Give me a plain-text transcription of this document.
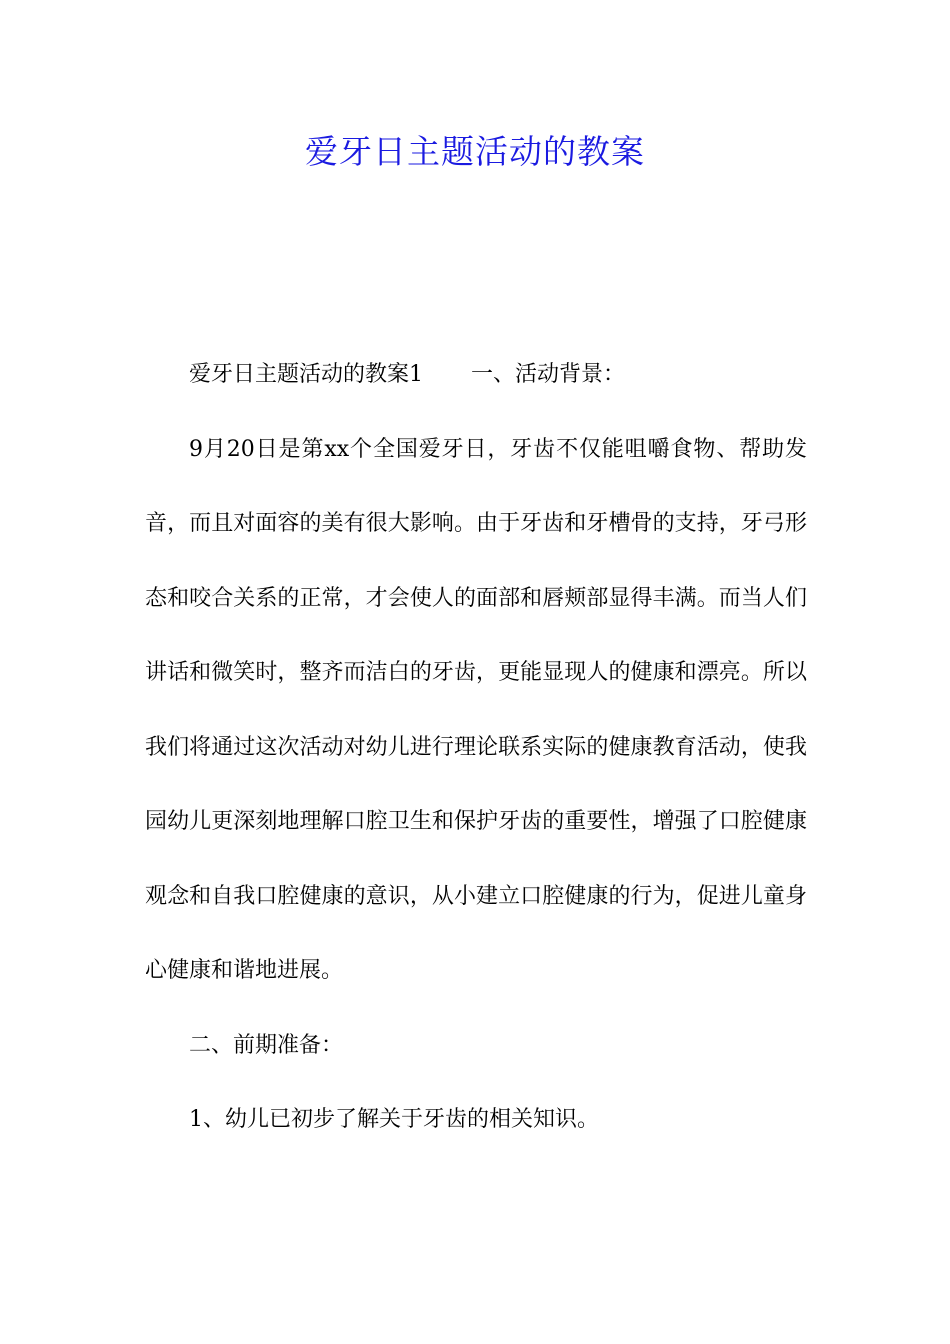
爱牙日主题活动的教案

爱牙日主题活动的教案1 一、活动背景：

9月20日是第xx个全国爱牙日，牙齿不仅能咀嚼食物、帮助发音，而且对面容的美有很大影响。由于牙齿和牙槽骨的支持，牙弓形态和咬合关系的正常，才会使人的面部和唇颊部显得丰满。而当人们讲话和微笑时，整齐而洁白的牙齿，更能显现人的健康和漂亮。所以我们将通过这次活动对幼儿进行理论联系实际的健康教育活动，使我园幼儿更深刻地理解口腔卫生和保护牙齿的重要性，增强了口腔健康观念和自我口腔健康的意识，从小建立口腔健康的行为，促进儿童身心健康和谐地进展。

二、前期准备：

1、幼儿已初步了解关于牙齿的相关知识。
